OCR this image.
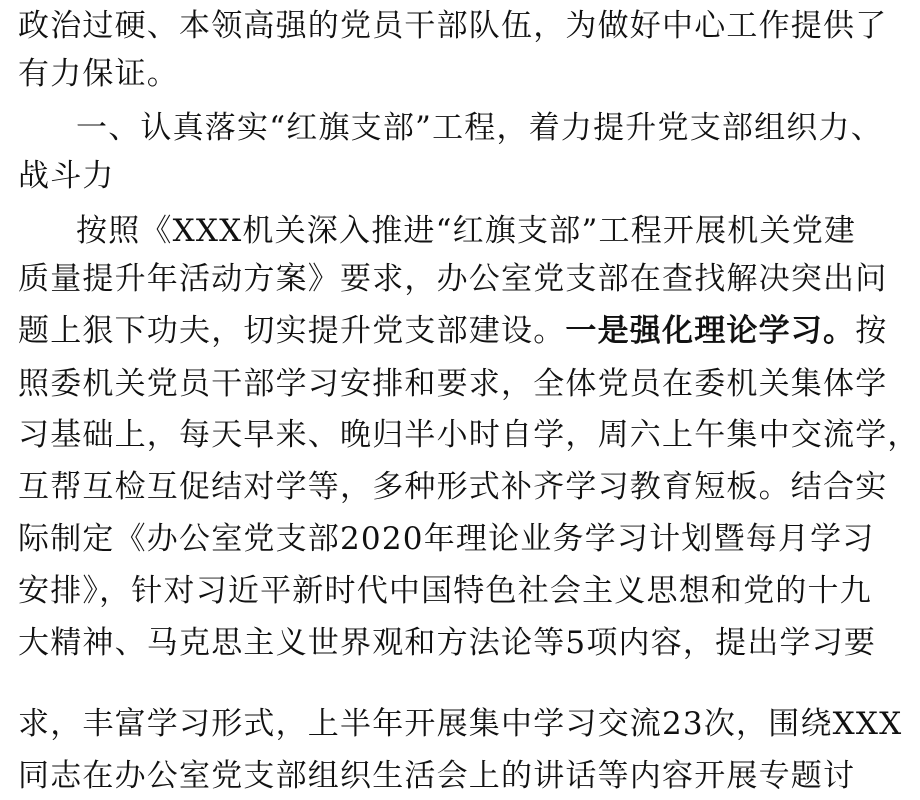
政治过硬、本领高强的党员干部队伍，为做好中心工作提供了
有力保证。
一、认真落实“红旗支部”工程，着力提升党支部组织力、
战斗力
按照《XXX机关深入推进“红旗支部”工程开展机关党建
质量提升年活动方案》要求，办公室党支部在查找解决突出问
题上狠下功夫，切实提升党支部建设。一是强化理论学习。按
照委机关党员干部学习安排和要求，全体党员在委机关集体学
习基础上，每天早来、晚归半小时自学，周六上午集中交流学，
互帮互检互促结对学等，多种形式补齐学习教育短板。结合实
际制定《办公室党支部2020年理论业务学习计划暨每月学习
安排》，针对习近平新时代中国特色社会主义思想和党的十九
大精神、马克思主义世界观和方法论等5项内容，提出学习要
求，丰富学习形式，上半年开展集中学习交流23次，围绕XXX
同志在办公室党支部组织生活会上的讲话等内容开展专题讨
